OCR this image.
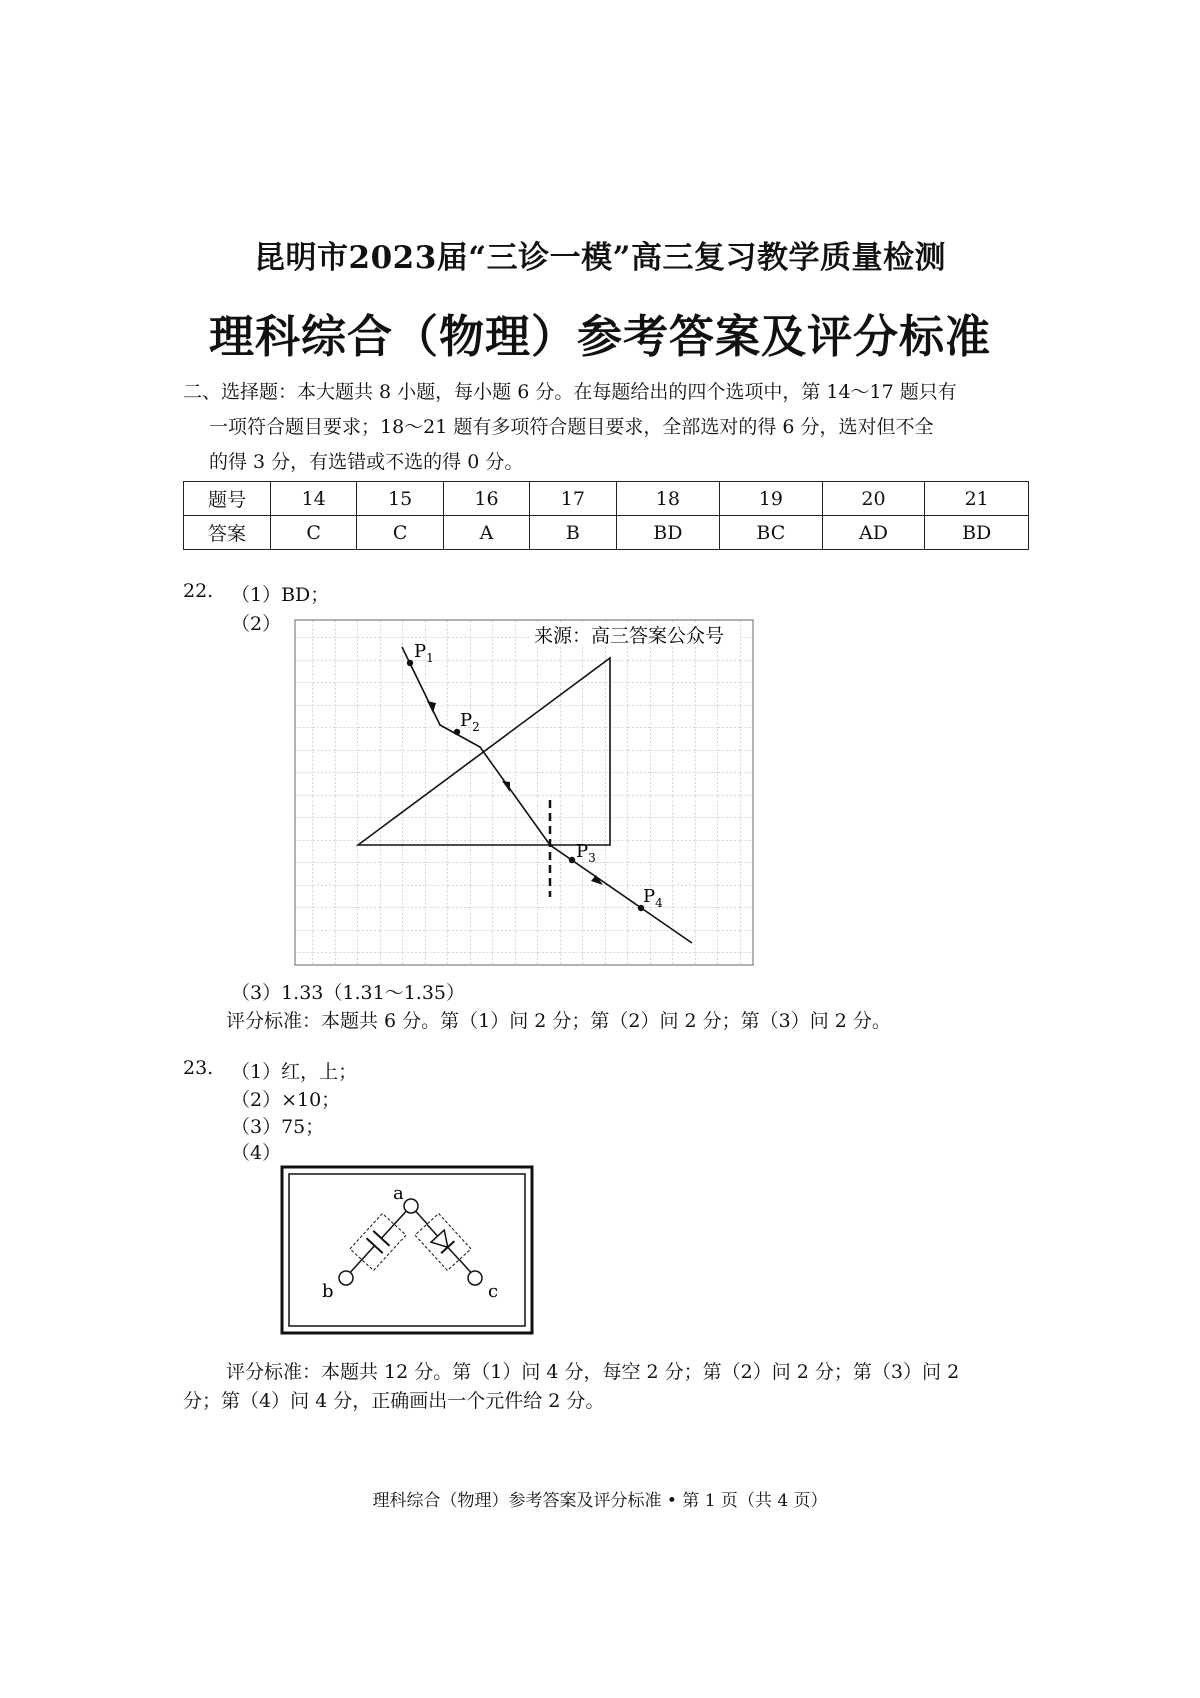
昆明市2023届“三诊一模”高三复习教学质量检测
理科综合（物理）参考答案及评分标准
二、选择题：本大题共 8 小题，每小题 6 分。在每题给出的四个选项中，第 14～17 题只有
一项符合题目要求；18～21 题有多项符合题目要求，全部选对的得 6 分，选对但不全
的得 3 分，有选错或不选的得 0 分。
题号	14	15	16	17	18	19	20	21
答案	C	C	A	B	BD	BC	AD	BD
22. （1）BD；
（2）
来源：高三答案公众号
$P_1$
$P_2$
$P_3$
$P_4$
（3）1.33（1.31～1.35）
评分标准：本题共 6 分。第（1）问 2 分；第（2）问 2 分；第（3）问 2 分。
23. （1）红，上；
（2）×10；
（3）75；
（4）
a
b	c
评分标准：本题共 12 分。第（1）问 4 分，每空 2 分；第（2）问 2 分；第（3）问 2
分；第（4）问 4 分，正确画出一个元件给 2 分。
理科综合（物理）参考答案及评分标准 • 第 1 页（共 4 页）
